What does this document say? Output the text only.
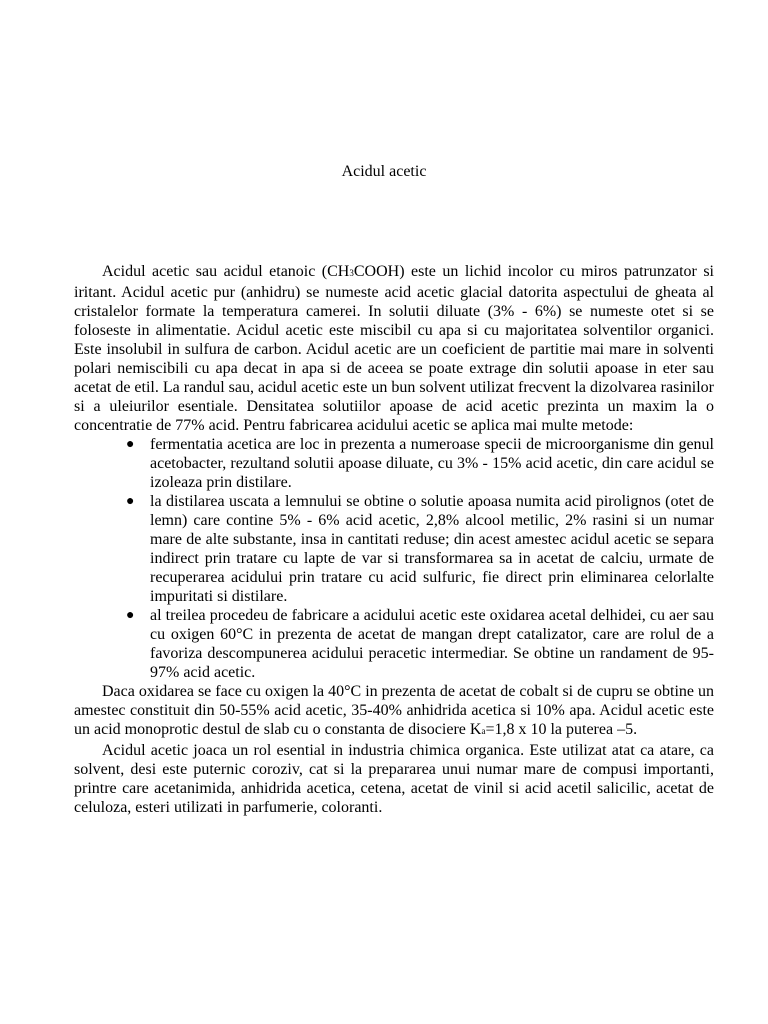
Acidul acetic

Acidul acetic sau acidul etanoic (CH3COOH) este un lichid incolor cu miros patrunzator si iritant. Acidul acetic pur (anhidru) se numeste acid acetic glacial datorita aspectului de gheata al cristalelor formate la temperatura camerei. In solutii diluate (3% - 6%) se numeste otet si se foloseste in alimentatie. Acidul acetic este miscibil cu apa si cu majoritatea solventilor organici. Este insolubil in sulfura de carbon. Acidul acetic are un coeficient de partitie mai mare in solventi polari nemiscibili cu apa decat in apa si de aceea se poate extrage din solutii apoase in eter sau acetat de etil. La randul sau, acidul acetic este un bun solvent utilizat frecvent la dizolvarea rasinilor si a uleiurilor esentiale. Densitatea solutiilor apoase de acid acetic prezinta un maxim la o concentratie de 77% acid. Pentru fabricarea acidului acetic se aplica mai multe metode:

● fermentatia acetica are loc in prezenta a numeroase specii de microorganisme din genul acetobacter, rezultand solutii apoase diluate, cu 3% - 15% acid acetic, din care acidul se izoleaza prin distilare.
● la distilarea uscata a lemnului se obtine o solutie apoasa numita acid pirolignos (otet de lemn) care contine 5% - 6% acid acetic, 2,8% alcool metilic, 2% rasini si un numar mare de alte substante, insa in cantitati reduse; din acest amestec acidul acetic se separa indirect prin tratare cu lapte de var si transformarea sa in acetat de calciu, urmate de recuperarea acidului prin tratare cu acid sulfuric, fie direct prin eliminarea celorlalte impuritati si distilare.
● al treilea procedeu de fabricare a acidului acetic este oxidarea acetal delhidei, cu aer sau cu oxigen 60°C in prezenta de acetat de mangan drept catalizator, care are rolul de a favoriza descompunerea acidului peracetic intermediar. Se obtine un randament de 95-97% acid acetic.

Daca oxidarea se face cu oxigen la 40°C in prezenta de acetat de cobalt si de cupru se obtine un amestec constituit din 50-55% acid acetic, 35-40% anhidrida acetica si 10% apa. Acidul acetic este un acid monoprotic destul de slab cu o constanta de disociere Ka=1,8 x 10 la puterea –5.

Acidul acetic joaca un rol esential in industria chimica organica. Este utilizat atat ca atare, ca solvent, desi este puternic coroziv, cat si la prepararea unui numar mare de compusi importanti, printre care acetanimida, anhidrida acetica, cetena, acetat de vinil si acid acetil salicilic, acetat de celuloza, esteri utilizati in parfumerie, coloranti.
